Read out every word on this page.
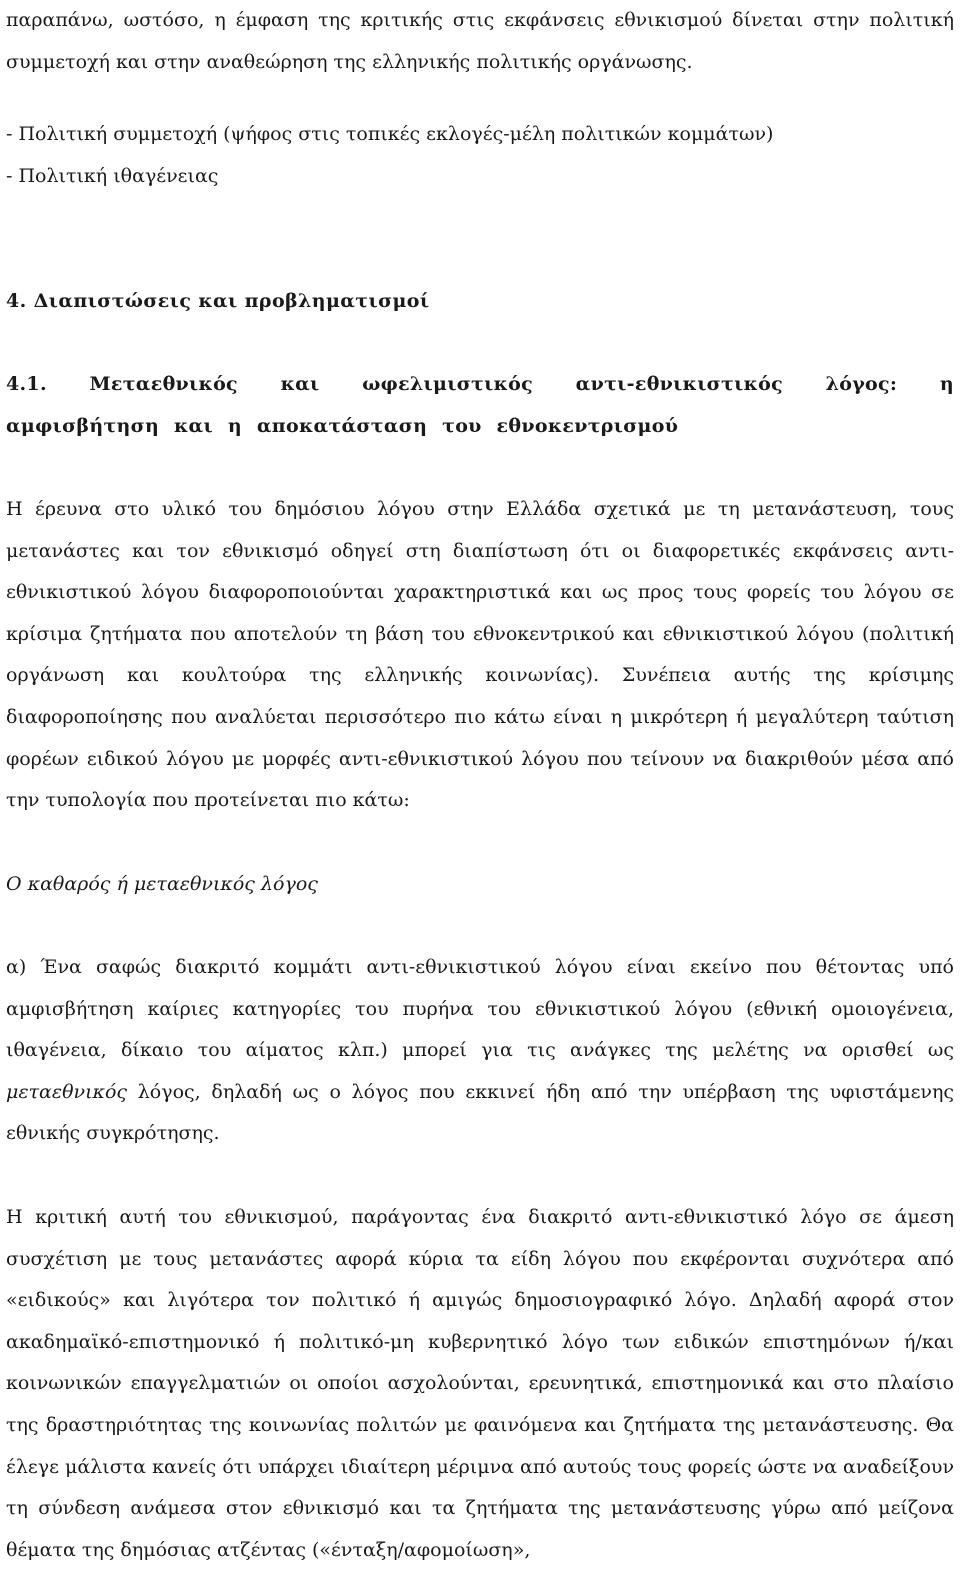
παραπάνω, ωστόσο, η έμφαση της κριτικής στις εκφάνσεις εθνικισμού δίνεται στην πολιτική συμμετοχή και στην αναθεώρηση της ελληνικής πολιτικής οργάνωσης.

- Πολιτική συμμετοχή (ψήφος στις τοπικές εκλογές-μέλη πολιτικών κομμάτων)

- Πολιτική ιθαγένειας

4. Διαπιστώσεις και προβληματισμοί

4.1. Μεταεθνικός και ωφελιμιστικός αντι-εθνικιστικός λόγος: η αμφισβήτηση και η αποκατάσταση του εθνοκεντρισμού

Η έρευνα στο υλικό του δημόσιου λόγου στην Ελλάδα σχετικά με τη μετανάστευση, τους μετανάστες και τον εθνικισμό οδηγεί στη διαπίστωση ότι οι διαφορετικές εκφάνσεις αντι-εθνικιστικού λόγου διαφοροποιούνται χαρακτηριστικά και ως προς τους φορείς του λόγου σε κρίσιμα ζητήματα που αποτελούν τη βάση του εθνοκεντρικού και εθνικιστικού λόγου (πολιτική οργάνωση και κουλτούρα της ελληνικής κοινωνίας). Συνέπεια αυτής της κρίσιμης διαφοροποίησης που αναλύεται περισσότερο πιο κάτω είναι η μικρότερη ή μεγαλύτερη ταύτιση φορέων ειδικού λόγου με μορφές αντι-εθνικιστικού λόγου που τείνουν να διακριθούν μέσα από την τυπολογία που προτείνεται πιο κάτω:

Ο καθαρός ή μεταεθνικός λόγος

α) Ένα σαφώς διακριτό κομμάτι αντι-εθνικιστικού λόγου είναι εκείνο που θέτοντας υπό αμφισβήτηση καίριες κατηγορίες του πυρήνα του εθνικιστικού λόγου (εθνική ομοιογένεια, ιθαγένεια, δίκαιο του αίματος κλπ.) μπορεί για τις ανάγκες της μελέτης να ορισθεί ως μεταεθνικός λόγος, δηλαδή ως ο λόγος που εκκινεί ήδη από την υπέρβαση της υφιστάμενης εθνικής συγκρότησης.

Η κριτική αυτή του εθνικισμού, παράγοντας ένα διακριτό αντι-εθνικιστικό λόγο σε άμεση συσχέτιση με τους μετανάστες αφορά κύρια τα είδη λόγου που εκφέρονται συχνότερα από «ειδικούς» και λιγότερα τον πολιτικό ή αμιγώς δημοσιογραφικό λόγο. Δηλαδή αφορά στον ακαδημαϊκό-επιστημονικό ή πολιτικό-μη κυβερνητικό λόγο των ειδικών επιστημόνων ή/και κοινωνικών επαγγελματιών οι οποίοι ασχολούνται, ερευνητικά, επιστημονικά και στο πλαίσιο της δραστηριότητας της κοινωνίας πολιτών με φαινόμενα και ζητήματα της μετανάστευσης. Θα έλεγε μάλιστα κανείς ότι υπάρχει ιδιαίτερη μέριμνα από αυτούς τους φορείς ώστε να αναδείξουν τη σύνδεση ανάμεσα στον εθνικισμό και τα ζητήματα της μετανάστευσης γύρω από μείζονα θέματα της δημόσιας ατζέντας («ένταξη/αφομοίωση»,
